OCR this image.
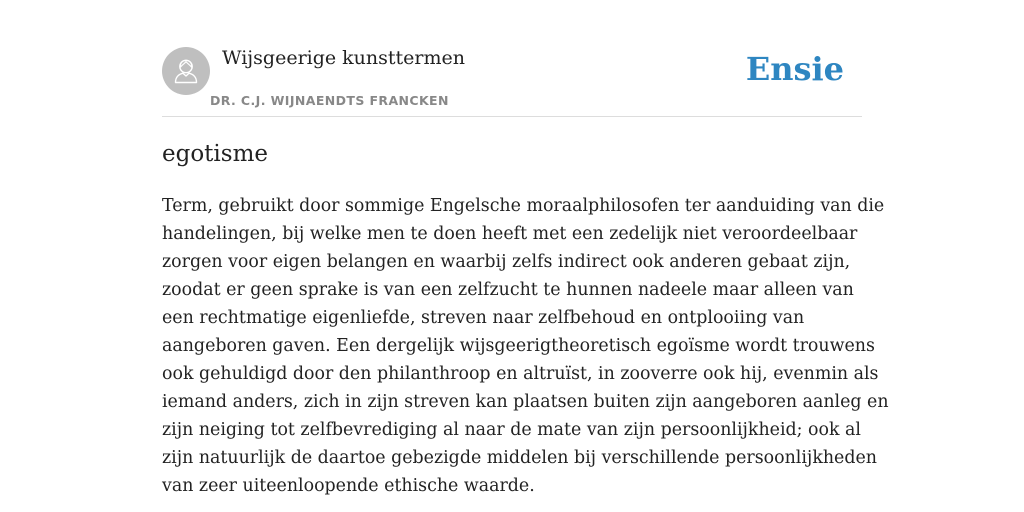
Wijsgeerige kunsttermen
DR. C.J. WIJNAENDTS FRANCKEN
Ensie
egotisme

Term, gebruikt door sommige Engelsche moraalphilosofen ter aanduiding van die
handelingen, bij welke men te doen heeft met een zedelijk niet veroordeelbaar
zorgen voor eigen belangen en waarbij zelfs indirect ook anderen gebaat zijn,
zoodat er geen sprake is van een zelfzucht te hunnen nadeele maar alleen van
een rechtmatige eigenliefde, streven naar zelfbehoud en ontplooiing van
aangeboren gaven. Een dergelijk wijsgeerigtheoretisch egoïsme wordt trouwens
ook gehuldigd door den philanthroop en altruïst, in zooverre ook hij, evenmin als
iemand anders, zich in zijn streven kan plaatsen buiten zijn aangeboren aanleg en
zijn neiging tot zelfbevrediging al naar de mate van zijn persoonlijkheid; ook al
zijn natuurlijk de daartoe gebezigde middelen bij verschillende persoonlijkheden
van zeer uiteenloopende ethische waarde.
